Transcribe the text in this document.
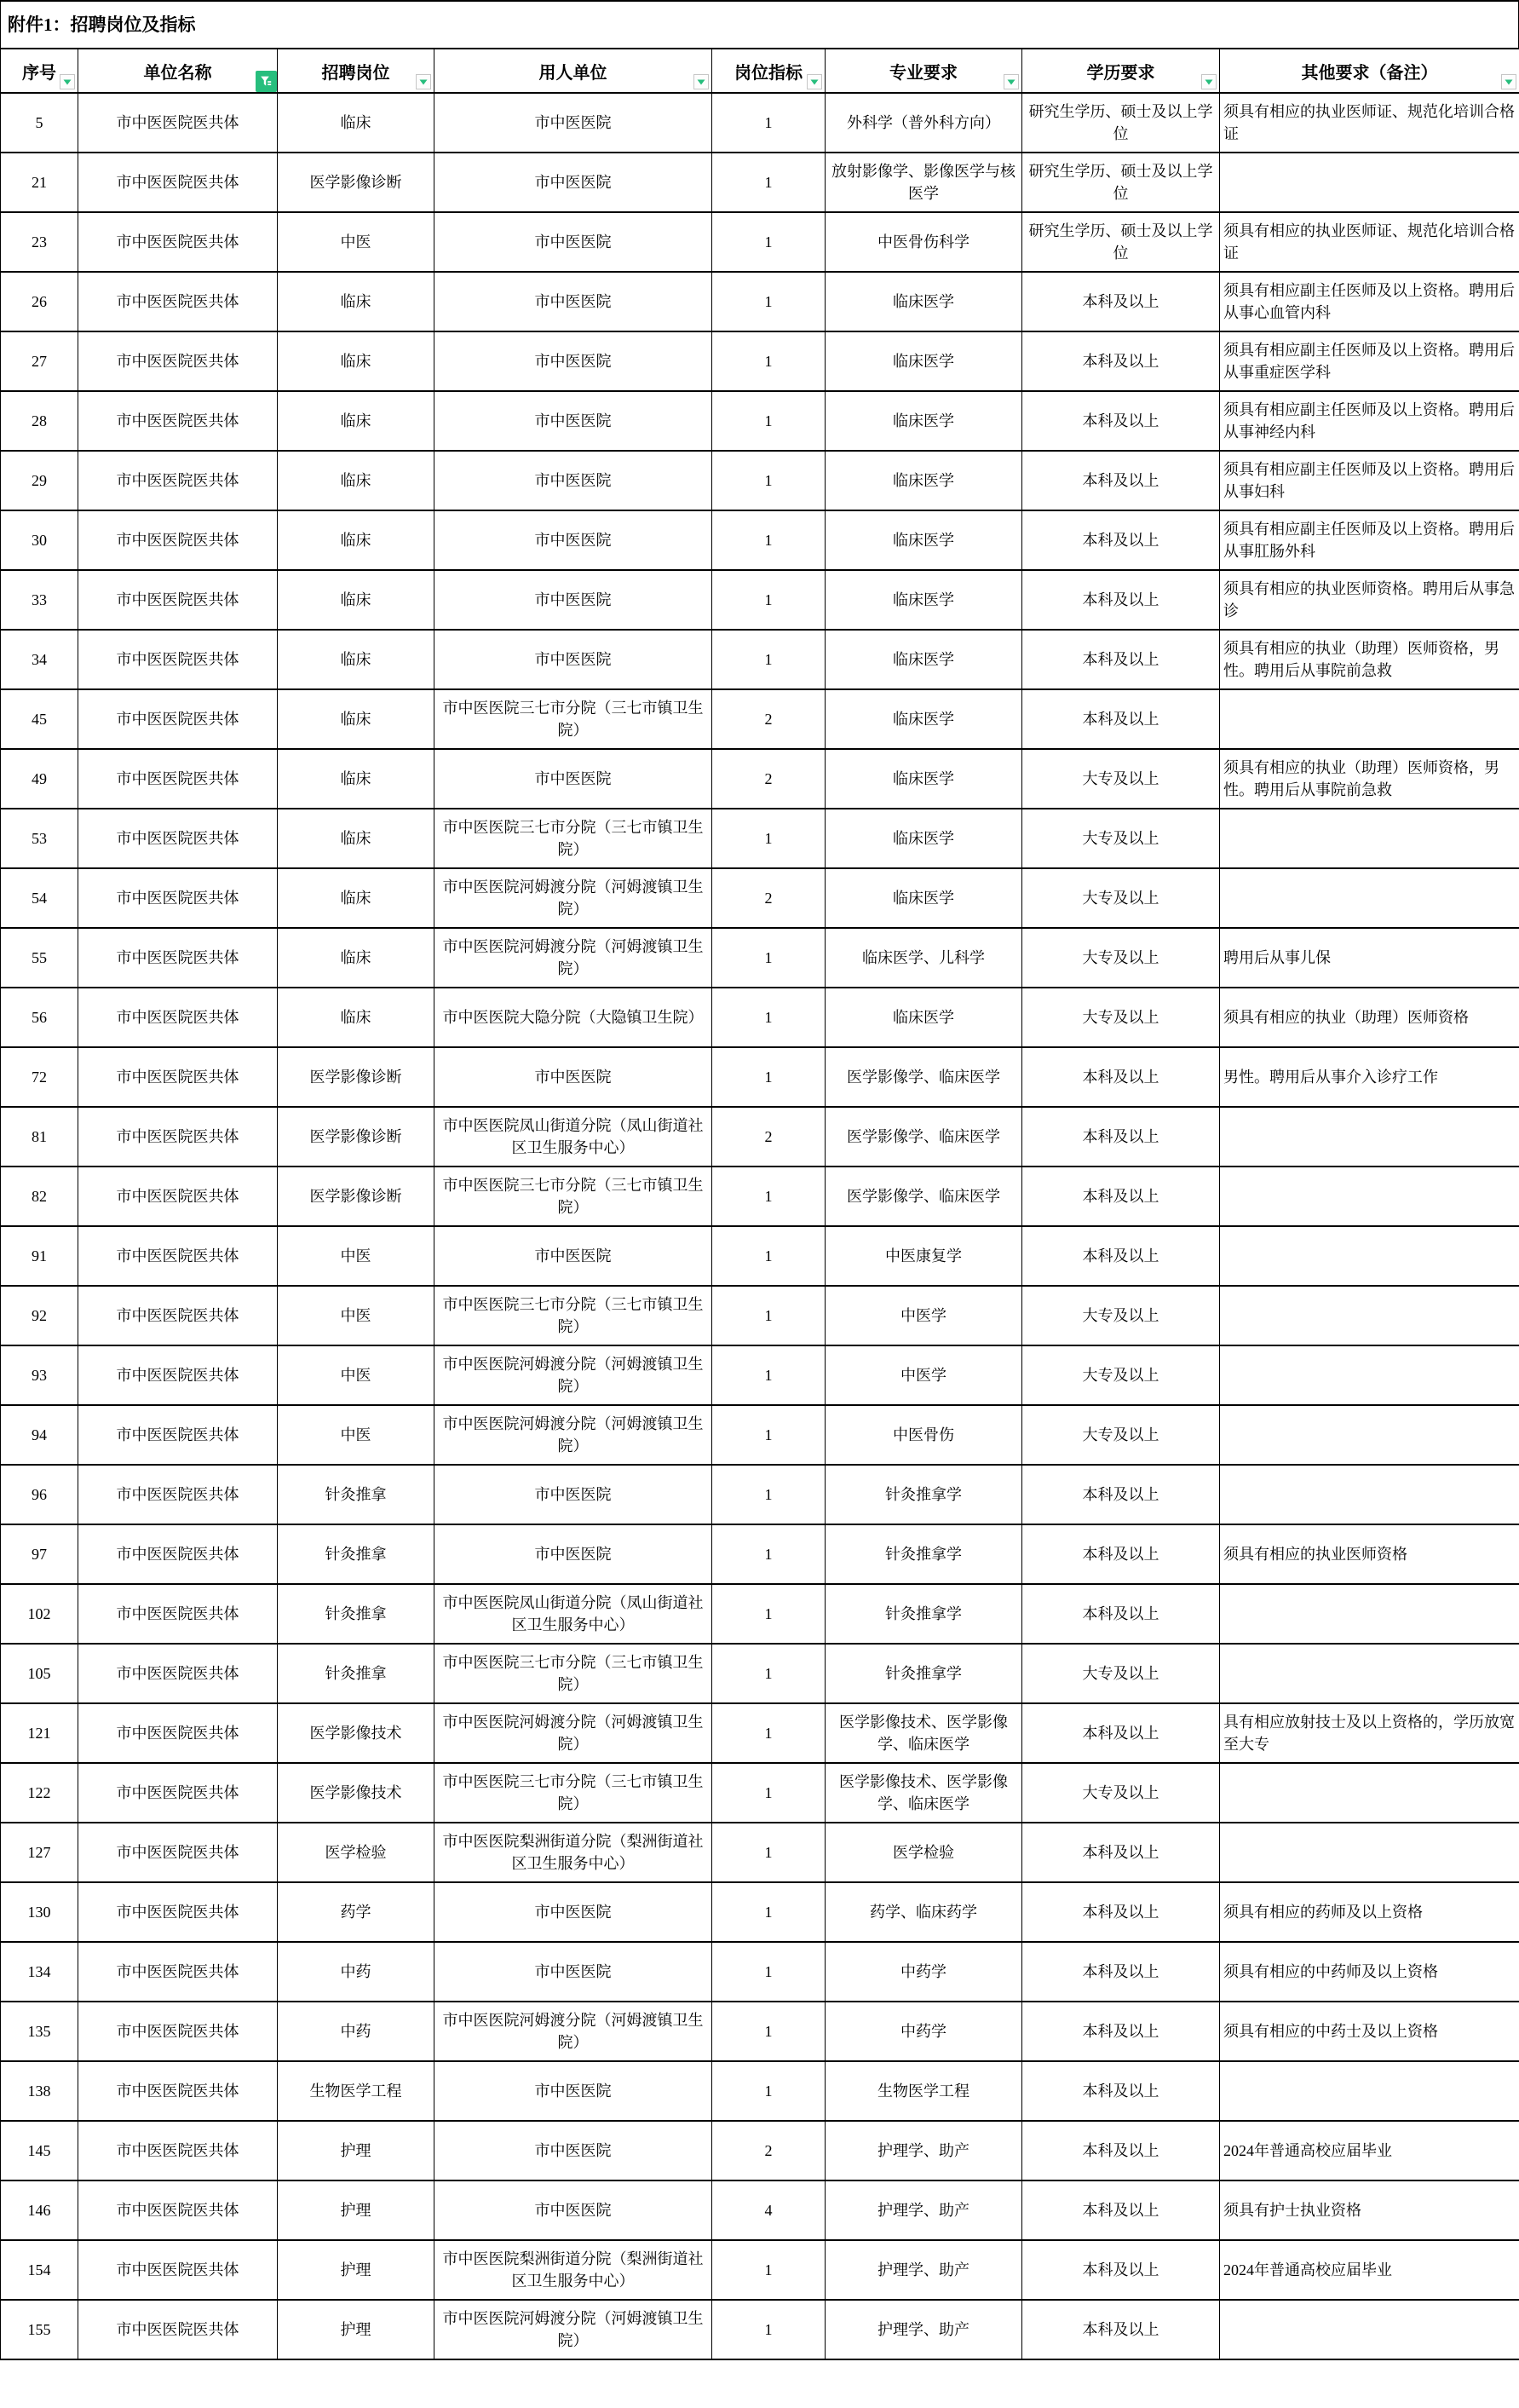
附件1：招聘岗位及指标
序号	单位名称	招聘岗位	用人单位	岗位指标	专业要求	学历要求	其他要求（备注）

5	市中医医院医共体	临床	市中医医院	1	外科学（普外科方向）	研究生学历、硕士及以上学位	须具有相应的执业医师证、规范化培训合格证
21	市中医医院医共体	医学影像诊断	市中医医院	1	放射影像学、影像医学与核医学	研究生学历、硕士及以上学位	
23	市中医医院医共体	中医	市中医医院	1	中医骨伤科学	研究生学历、硕士及以上学位	须具有相应的执业医师证、规范化培训合格证
26	市中医医院医共体	临床	市中医医院	1	临床医学	本科及以上	须具有相应副主任医师及以上资格。聘用后从事心血管内科
27	市中医医院医共体	临床	市中医医院	1	临床医学	本科及以上	须具有相应副主任医师及以上资格。聘用后从事重症医学科
28	市中医医院医共体	临床	市中医医院	1	临床医学	本科及以上	须具有相应副主任医师及以上资格。聘用后从事神经内科
29	市中医医院医共体	临床	市中医医院	1	临床医学	本科及以上	须具有相应副主任医师及以上资格。聘用后从事妇科
30	市中医医院医共体	临床	市中医医院	1	临床医学	本科及以上	须具有相应副主任医师及以上资格。聘用后从事肛肠外科
33	市中医医院医共体	临床	市中医医院	1	临床医学	本科及以上	须具有相应的执业医师资格。聘用后从事急诊
34	市中医医院医共体	临床	市中医医院	1	临床医学	本科及以上	须具有相应的执业（助理）医师资格，男性。聘用后从事院前急救
45	市中医医院医共体	临床	市中医医院三七市分院（三七市镇卫生院）	2	临床医学	本科及以上	
49	市中医医院医共体	临床	市中医医院	2	临床医学	大专及以上	须具有相应的执业（助理）医师资格，男性。聘用后从事院前急救
53	市中医医院医共体	临床	市中医医院三七市分院（三七市镇卫生院）	1	临床医学	大专及以上	
54	市中医医院医共体	临床	市中医医院河姆渡分院（河姆渡镇卫生院）	2	临床医学	大专及以上	
55	市中医医院医共体	临床	市中医医院河姆渡分院（河姆渡镇卫生院）	1	临床医学、儿科学	大专及以上	聘用后从事儿保
56	市中医医院医共体	临床	市中医医院大隐分院（大隐镇卫生院）	1	临床医学	大专及以上	须具有相应的执业（助理）医师资格
72	市中医医院医共体	医学影像诊断	市中医医院	1	医学影像学、临床医学	本科及以上	男性。聘用后从事介入诊疗工作
81	市中医医院医共体	医学影像诊断	市中医医院凤山街道分院（凤山街道社区卫生服务中心）	2	医学影像学、临床医学	本科及以上	
82	市中医医院医共体	医学影像诊断	市中医医院三七市分院（三七市镇卫生院）	1	医学影像学、临床医学	本科及以上	
91	市中医医院医共体	中医	市中医医院	1	中医康复学	本科及以上	
92	市中医医院医共体	中医	市中医医院三七市分院（三七市镇卫生院）	1	中医学	大专及以上	
93	市中医医院医共体	中医	市中医医院河姆渡分院（河姆渡镇卫生院）	1	中医学	大专及以上	
94	市中医医院医共体	中医	市中医医院河姆渡分院（河姆渡镇卫生院）	1	中医骨伤	大专及以上	
96	市中医医院医共体	针灸推拿	市中医医院	1	针灸推拿学	本科及以上	
97	市中医医院医共体	针灸推拿	市中医医院	1	针灸推拿学	本科及以上	须具有相应的执业医师资格
102	市中医医院医共体	针灸推拿	市中医医院凤山街道分院（凤山街道社区卫生服务中心）	1	针灸推拿学	本科及以上	
105	市中医医院医共体	针灸推拿	市中医医院三七市分院（三七市镇卫生院）	1	针灸推拿学	大专及以上	
121	市中医医院医共体	医学影像技术	市中医医院河姆渡分院（河姆渡镇卫生院）	1	医学影像技术、医学影像学、临床医学	本科及以上	具有相应放射技士及以上资格的，学历放宽至大专
122	市中医医院医共体	医学影像技术	市中医医院三七市分院（三七市镇卫生院）	1	医学影像技术、医学影像学、临床医学	大专及以上	
127	市中医医院医共体	医学检验	市中医医院梨洲街道分院（梨洲街道社区卫生服务中心）	1	医学检验	本科及以上	
130	市中医医院医共体	药学	市中医医院	1	药学、临床药学	本科及以上	须具有相应的药师及以上资格
134	市中医医院医共体	中药	市中医医院	1	中药学	本科及以上	须具有相应的中药师及以上资格
135	市中医医院医共体	中药	市中医医院河姆渡分院（河姆渡镇卫生院）	1	中药学	本科及以上	须具有相应的中药士及以上资格
138	市中医医院医共体	生物医学工程	市中医医院	1	生物医学工程	本科及以上	
145	市中医医院医共体	护理	市中医医院	2	护理学、助产	本科及以上	2024年普通高校应届毕业
146	市中医医院医共体	护理	市中医医院	4	护理学、助产	本科及以上	须具有护士执业资格
154	市中医医院医共体	护理	市中医医院梨洲街道分院（梨洲街道社区卫生服务中心）	1	护理学、助产	本科及以上	2024年普通高校应届毕业
155	市中医医院医共体	护理	市中医医院河姆渡分院（河姆渡镇卫生院）	1	护理学、助产	本科及以上	
